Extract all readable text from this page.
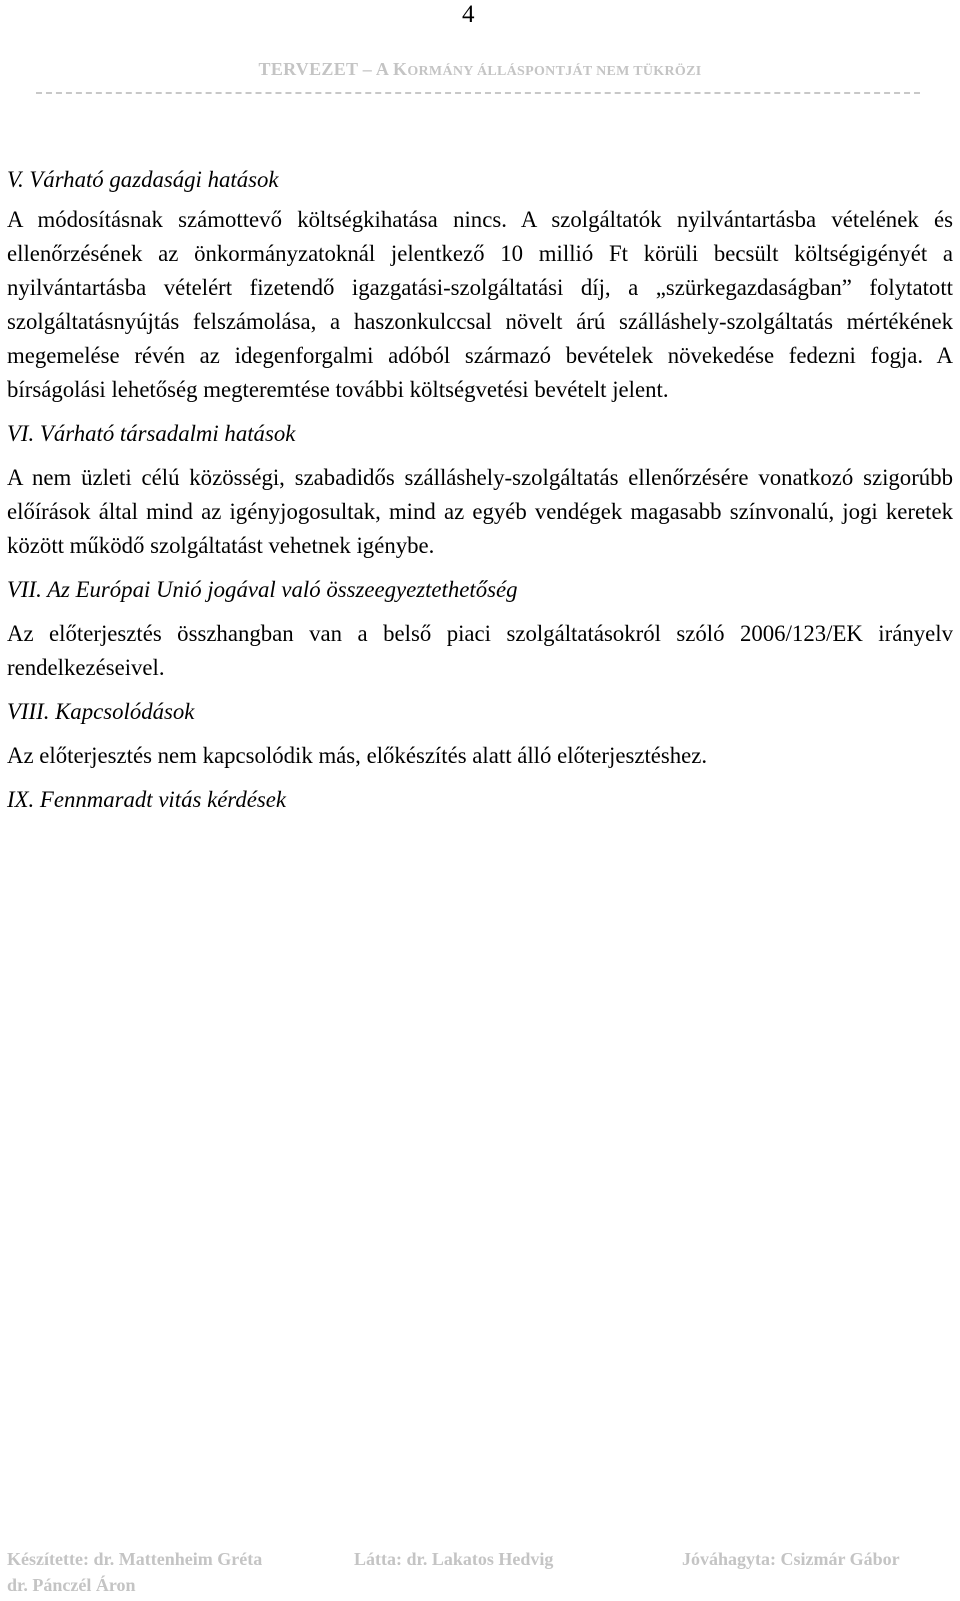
4
TERVEZET – A KORMÁNY ÁLLÁSPONTJÁT NEM TÜKRÖZI

V. Várható gazdasági hatások

A módosításnak számottevő költségkihatása nincs. A szolgáltatók nyilvántartásba vételének és ellenőrzésének az önkormányzatoknál jelentkező 10 millió Ft körüli becsült költségigényét a nyilvántartásba vételért fizetendő igazgatási-szolgáltatási díj, a „szürkegazdaságban” folytatott szolgáltatásnyújtás felszámolása, a haszonkulccsal növelt árú szálláshely-szolgáltatás mértékének megemelése révén az idegenforgalmi adóból származó bevételek növekedése fedezni fogja. A bírságolási lehetőség megteremtése további költségvetési bevételt jelent.

VI. Várható társadalmi hatások

A nem üzleti célú közösségi, szabadidős szálláshely-szolgáltatás ellenőrzésére vonatkozó szigorúbb előírások által mind az igényjogosultak, mind az egyéb vendégek magasabb színvonalú, jogi keretek között működő szolgáltatást vehetnek igénybe.

VII. Az Európai Unió jogával való összeegyeztethetőség

Az előterjesztés összhangban van a belső piaci szolgáltatásokról szóló 2006/123/EK irányelv rendelkezéseivel.

VIII. Kapcsolódások

Az előterjesztés nem kapcsolódik más, előkészítés alatt álló előterjesztéshez.

IX. Fennmaradt vitás kérdések

Készítette: dr. Mattenheim Gréta	Látta: dr. Lakatos Hedvig	Jóváhagyta: Csizmár Gábor
dr. Pánczél Áron
